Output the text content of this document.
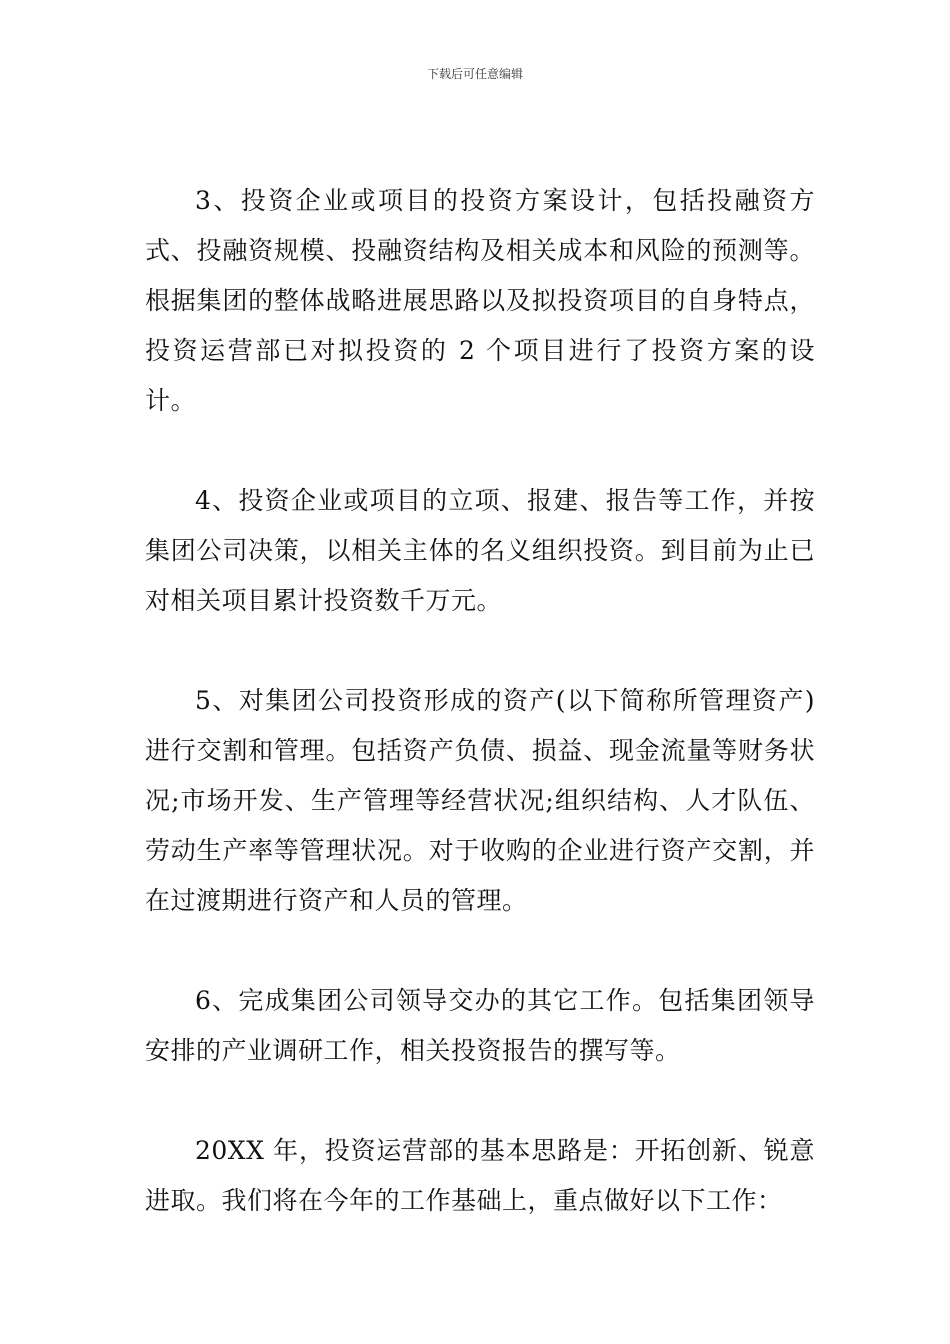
下载后可任意编辑

3、投资企业或项目的投资方案设计，包括投融资方式、投融资规模、投融资结构及相关成本和风险的预测等。根据集团的整体战略进展思路以及拟投资项目的自身特点，投资运营部已对拟投资的 2 个项目进行了投资方案的设计。

4、投资企业或项目的立项、报建、报告等工作，并按集团公司决策，以相关主体的名义组织投资。到目前为止已对相关项目累计投资数千万元。

5、对集团公司投资形成的资产(以下简称所管理资产)进行交割和管理。包括资产负债、损益、现金流量等财务状况;市场开发、生产管理等经营状况;组织结构、人才队伍、劳动生产率等管理状况。对于收购的企业进行资产交割，并在过渡期进行资产和人员的管理。

6、完成集团公司领导交办的其它工作。包括集团领导安排的产业调研工作，相关投资报告的撰写等。

20XX 年，投资运营部的基本思路是：开拓创新、锐意进取。我们将在今年的工作基础上，重点做好以下工作：
